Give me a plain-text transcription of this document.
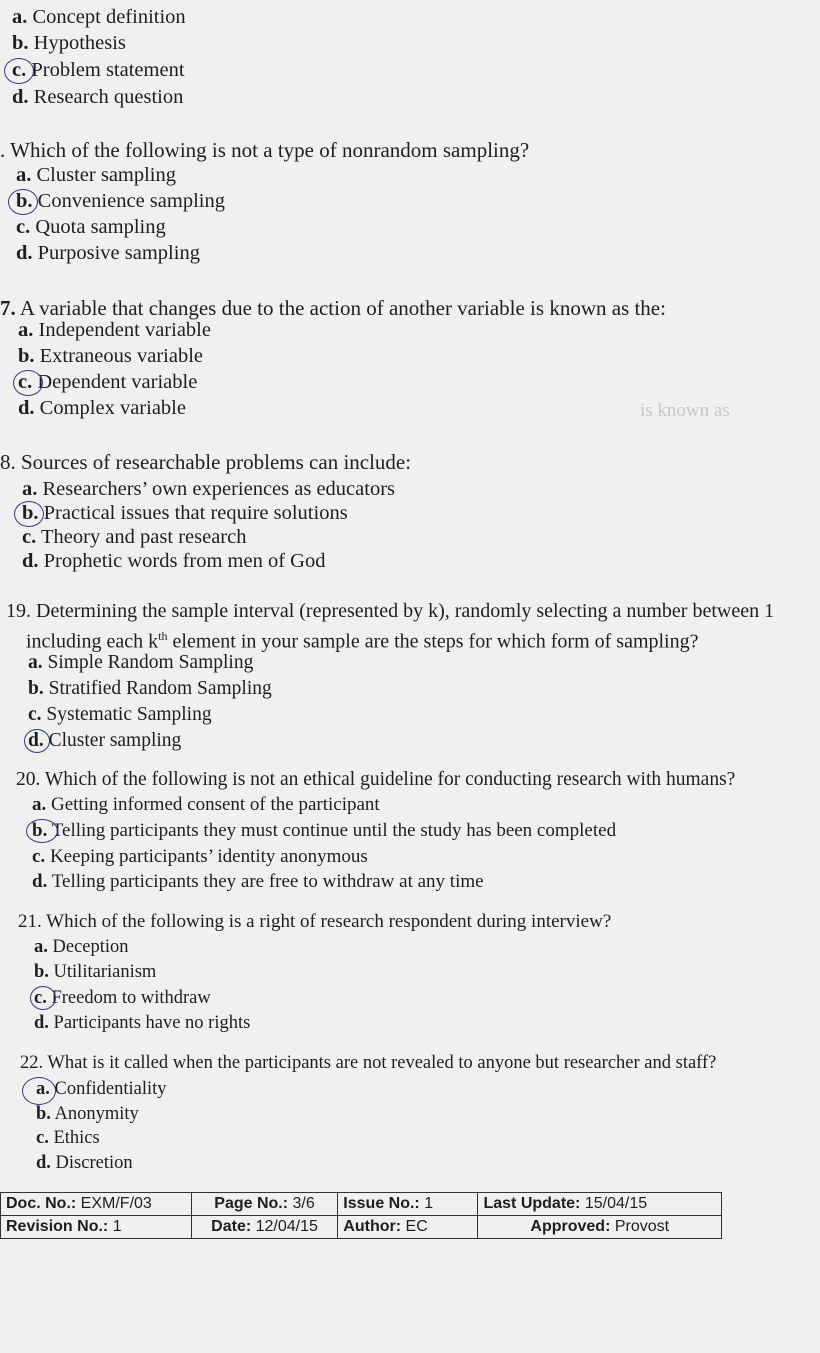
is known as
a. Concept definition
b. Hypothesis
c. Problem statement
d. Research question
. Which of the following is not a type of nonrandom sampling?
a. Cluster sampling
b. Convenience sampling
c. Quota sampling
d. Purposive sampling
7. A variable that changes due to the action of another variable is known as the:
a. Independent variable
b. Extraneous variable
c. Dependent variable
d. Complex variable
8. Sources of researchable problems can include:
a. Researchers’ own experiences as educators
b. Practical issues that require solutions
c. Theory and past research
d. Prophetic words from men of God
19. Determining the sample interval (represented by k), randomly selecting a number between 1
including each $k^{th}$ element in your sample are the steps for which form of sampling?
a. Simple Random Sampling
b. Stratified Random Sampling
c. Systematic Sampling
d. Cluster sampling
20. Which of the following is not an ethical guideline for conducting research with humans?
a. Getting informed consent of the participant
b. Telling participants they must continue until the study has been completed
c. Keeping participants’ identity anonymous
d. Telling participants they are free to withdraw at any time
21. Which of the following is a right of research respondent during interview?
a. Deception
b. Utilitarianism
c. Freedom to withdraw
d. Participants have no rights
22. What is it called when the participants are not revealed to anyone but researcher and staff?
a. Confidentiality
b. Anonymity
c. Ethics
d. Discretion
Doc. No.: EXM/F/03	Page No.: 3/6	Issue No.: 1	Last Update: 15/04/15
Revision No.: 1	Date: 12/04/15	Author: EC	Approved: Provost
